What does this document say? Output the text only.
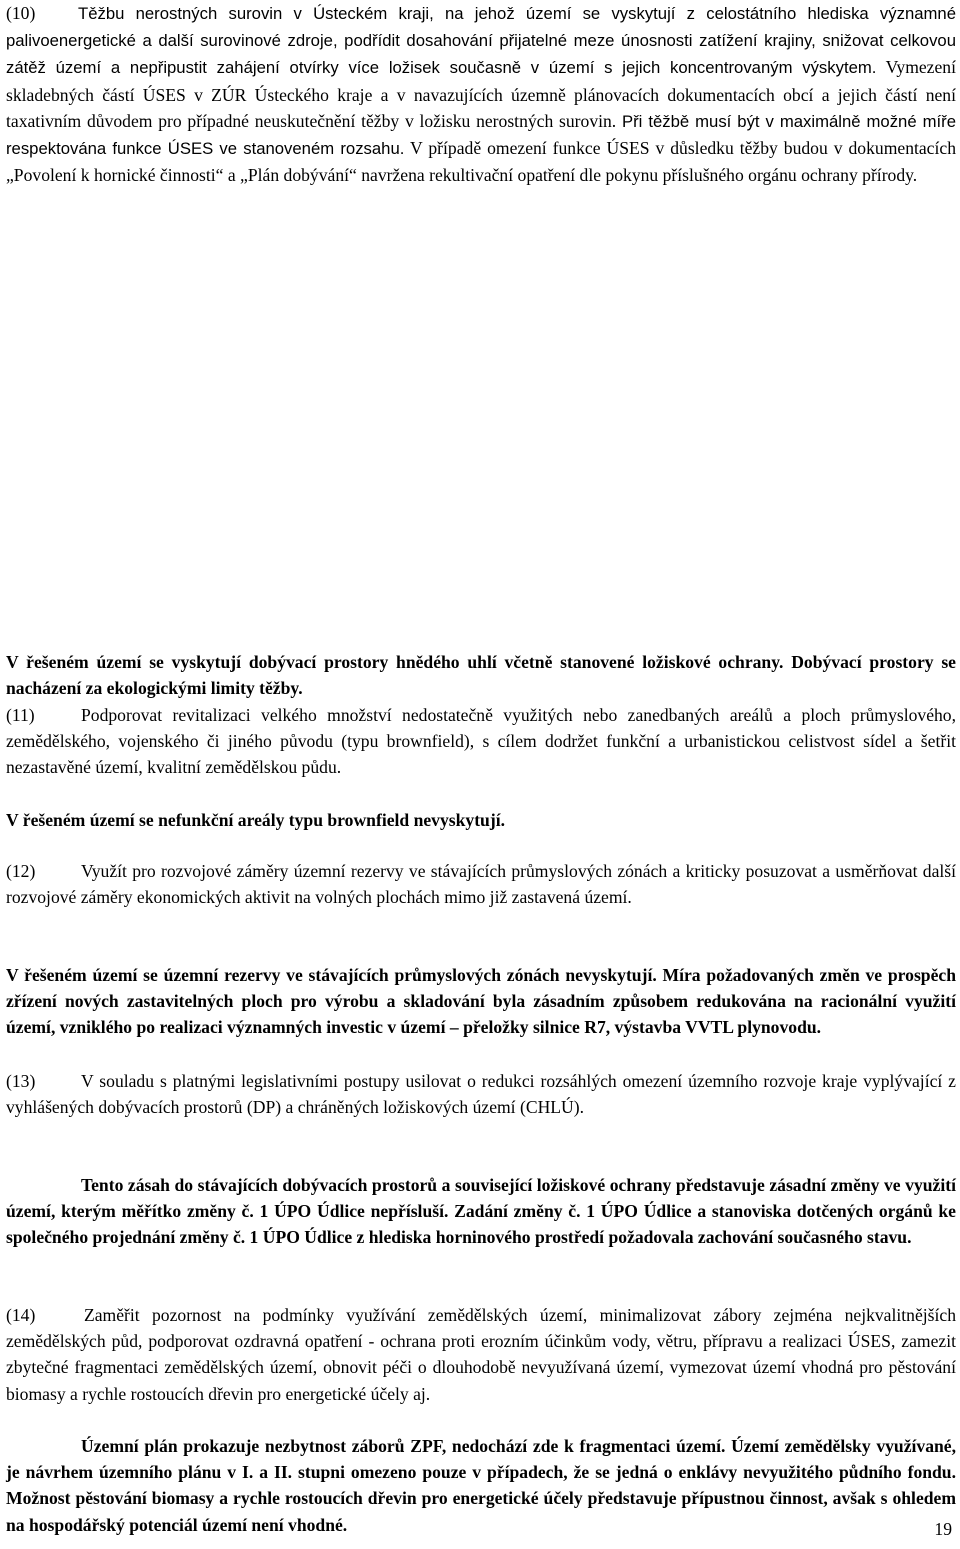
(10)	Těžbu nerostných surovin v Ústeckém kraji, na jehož území se vyskytují z celostátního hlediska významné palivoenergetické a další surovinové zdroje, podřídit dosahování přijatelné meze únosnosti zatížení krajiny, snižovat celkovou zátěž území a nepřipustit zahájení otvírky více ložisek současně v území s jejich koncentrovaným výskytem. Vymezení skladebných částí ÚSES v ZÚR Ústeckého kraje a v navazujících územně plánovacích dokumentacích obcí a jejich částí není taxativním důvodem pro případné neuskutečnění těžby v ložisku nerostných surovin. Při těžbě musí být v maximálně možné míře respektována funkce ÚSES ve stanoveném rozsahu. V případě omezení funkce ÚSES v důsledku těžby budou v dokumentacích „Povolení k hornické činnosti“ a „Plán dobývání“ navržena rekultivační opatření dle pokynu příslušného orgánu ochrany přírody.

V řešeném území se vyskytují dobývací prostory hnědého uhlí včetně stanovené ložiskové ochrany. Dobývací prostory se nacházení za ekologickými limity těžby.

(11)	Podporovat revitalizaci velkého množství nedostatečně využitých nebo zanedbaných areálů a ploch průmyslového, zemědělského, vojenského či jiného původu (typu brownfield), s cílem dodržet funkční a urbanistickou celistvost sídel a šetřit nezastavěné území, kvalitní zemědělskou půdu.

V řešeném území se nefunkční areály typu brownfield nevyskytují.

(12)	Využít pro rozvojové záměry územní rezervy ve stávajících průmyslových zónách a kriticky posuzovat a usměrňovat další rozvojové záměry ekonomických aktivit na volných plochách mimo již zastavená území.

V řešeném území se územní rezervy ve stávajících průmyslových zónách nevyskytují. Míra požadovaných změn ve prospěch zřízení nových zastavitelných ploch pro výrobu a skladování byla zásadním způsobem redukována na racionální využití území, vzniklého po realizaci významných investic v území – přeložky silnice R7, výstavba VVTL plynovodu.

(13)	V souladu s platnými legislativními postupy usilovat o redukci rozsáhlých omezení územního rozvoje kraje vyplývající z vyhlášených dobývacích prostorů (DP) a chráněných ložiskových území (CHLÚ).

Tento zásah do stávajících dobývacích prostorů a související ložiskové ochrany představuje zásadní změny ve využití území, kterým měřítko změny č. 1 ÚPO Údlice nepřísluší. Zadání změny č. 1 ÚPO Údlice a stanoviska dotčených orgánů ke společného projednání změny č. 1 ÚPO Údlice z hlediska horninového prostředí požadovala zachování současného stavu.

(14)	Zaměřit pozornost na podmínky využívání zemědělských území, minimalizovat zábory zejména nejkvalitnějších zemědělských půd, podporovat ozdravná opatření - ochrana proti erozním účinkům vody, větru, přípravu a realizaci ÚSES, zamezit zbytečné fragmentaci zemědělských území, obnovit péči o dlouhodobě nevyužívaná území, vymezovat území vhodná pro pěstování biomasy a rychle rostoucích dřevin pro energetické účely aj.

Územní plán prokazuje nezbytnost záborů ZPF, nedochází zde k fragmentaci území. Území zemědělsky využívané, je návrhem územního plánu v I. a II. stupni omezeno pouze v případech, že se jedná o enklávy nevyužitého půdního fondu. Možnost pěstování biomasy a rychle rostoucích dřevin pro energetické účely představuje přípustnou činnost, avšak s ohledem na hospodářský potenciál území není vhodné.	19
